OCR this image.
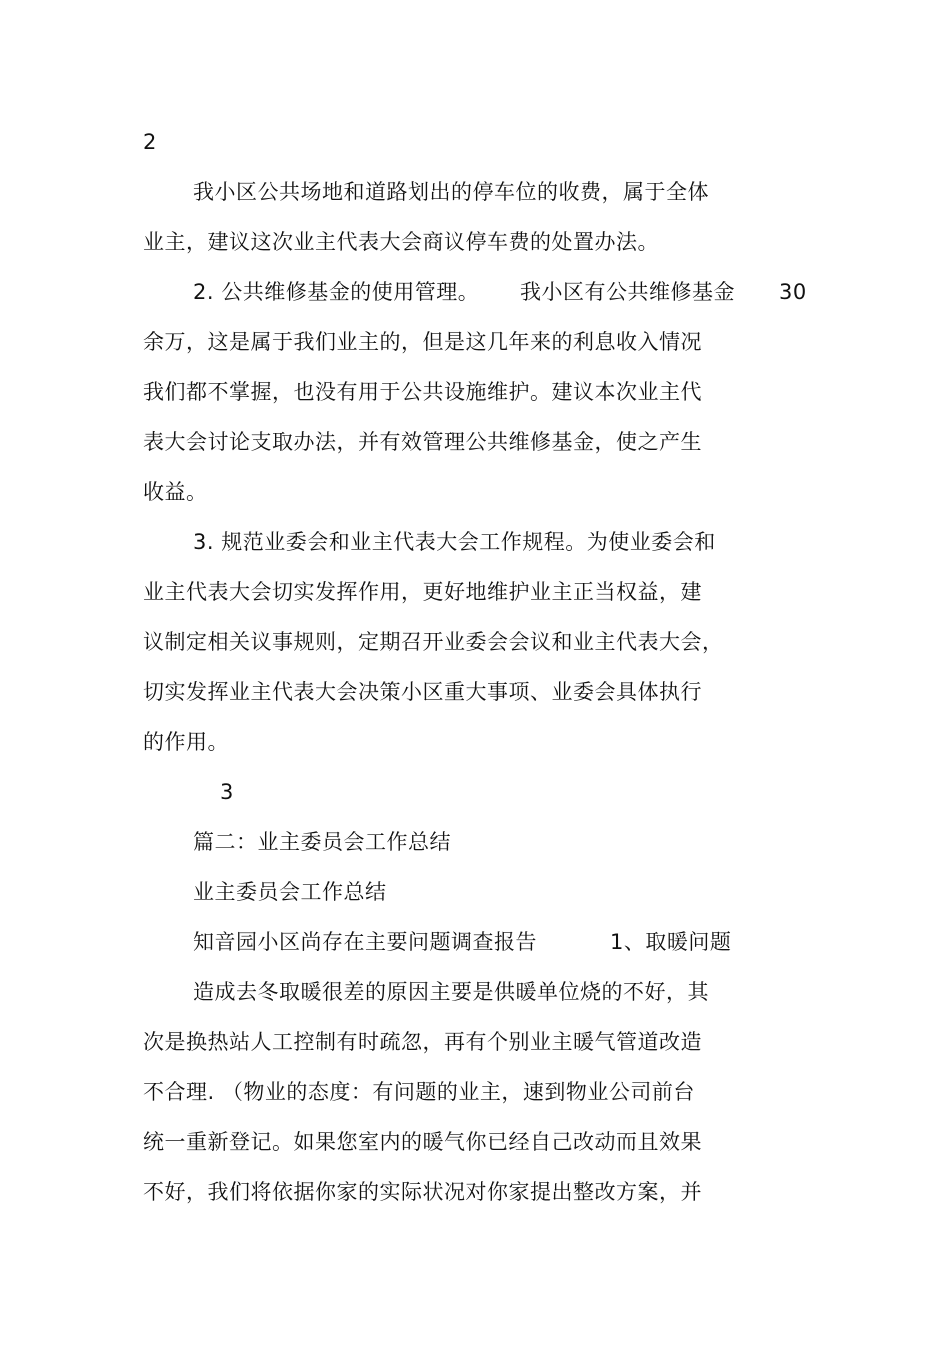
2
我小区公共场地和道路划出的停车位的收费，属于全体
业主，建议这次业主代表大会商议停车费的处置办法。
2. 公共维修基金的使用管理。 我小区有公共维修基金 30
余万，这是属于我们业主的，但是这几年来的利息收入情况
我们都不掌握，也没有用于公共设施维护。建议本次业主代
表大会讨论支取办法，并有效管理公共维修基金，使之产生
收益。
3. 规范业委会和业主代表大会工作规程。为使业委会和
业主代表大会切实发挥作用，更好地维护业主正当权益，建
议制定相关议事规则，定期召开业委会会议和业主代表大会，
切实发挥业主代表大会决策小区重大事项、业委会具体执行
的作用。
3
篇二：业主委员会工作总结
业主委员会工作总结
知音园小区尚存在主要问题调查报告	1、取暖问题
造成去冬取暖很差的原因主要是供暖单位烧的不好，其
次是换热站人工控制有时疏忽，再有个别业主暖气管道改造
不合理. （物业的态度：有问题的业主，速到物业公司前台
统一重新登记。如果您室内的暖气你已经自己改动而且效果
不好，我们将依据你家的实际状况对你家提出整改方案，并
